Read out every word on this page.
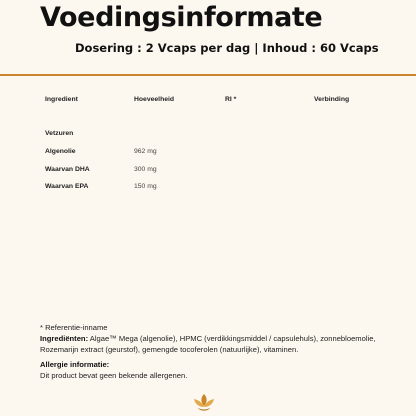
Voedingsinformate
Dosering : 2 Vcaps per dag | Inhoud : 60 Vcaps
Ingredient	Hoeveelheid	RI *	Verbinding
Vetzuren
Algenolie	962 mg
Waarvan DHA	300 mg
Waarvan EPA	150 mg
* Referentie-inname
Ingrediënten: Algae™ Mega (algenolie), HPMC (verdikkingsmiddel / capsulehuls), zonnebloemolie, Rozemarijn extract (geurstof), gemengde tocoferolen (natuurlijke), vitaminen.
Allergie informatie:
Dit product bevat geen bekende allergenen.
